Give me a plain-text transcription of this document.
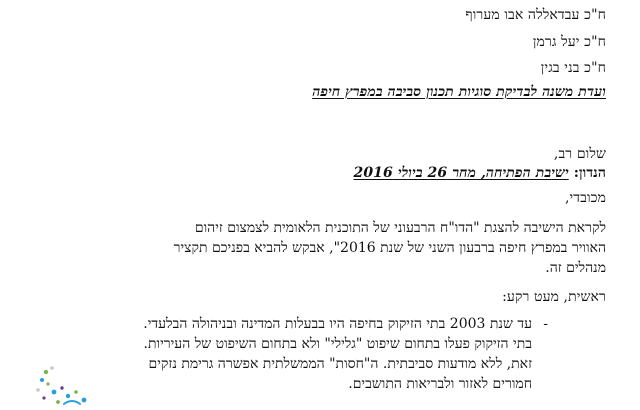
ח"כ עבדאללה אבו מערוף
ח"כ יעל גרמן
ח"כ בני בגין
ועדת משנה לבדיקת סוגיות תכנון סביבה במפרץ חיפה
שלום רב,
הנדון: ישיבת הפתיחה, מחר 26 ביולי 2016
מכובדי,
לקראת הישיבה להצגת "הדו"ח הרבעוני של התוכנית הלאומית לצמצום זיהום
האוויר במפרץ חיפה ברבעון השני של שנת 2016", אבקש להביא בפניכם תקציר
מנהלים זה.
ראשית, מעט רקע:
-
עד שנת 2003 בתי הזיקוק בחיפה היו בבעלות המדינה ובניהולה הבלעדי.
בתי הזיקוק פעלו בתחום שיפוט "גלילי" ולא בתחום השיפוט של העיריות.
זאת, ללא מודעות סביבתית. ה"חסות" הממשלתית אפשרה גרימת נזקים
חמורים לאזור ולבריאות התושבים.
